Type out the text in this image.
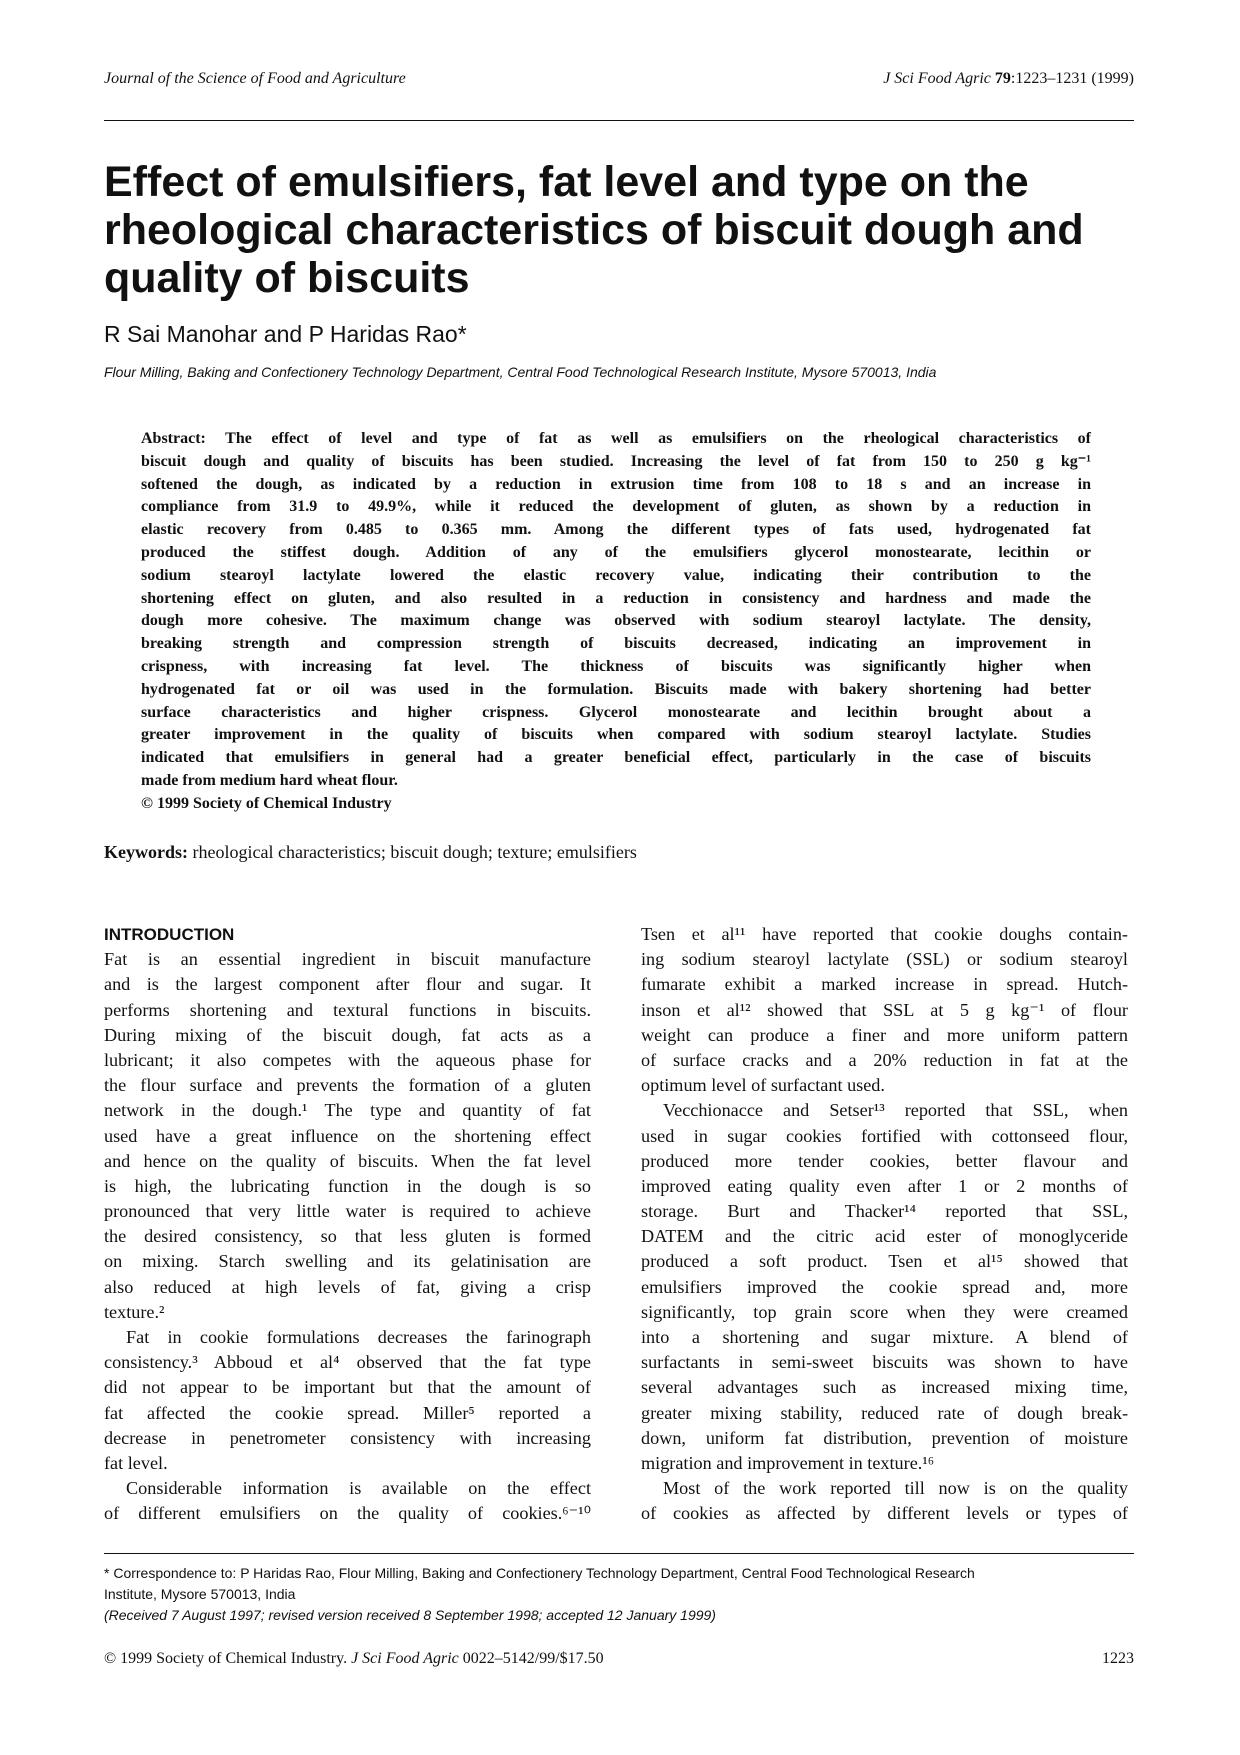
Journal of the Science of Food and Agriculture	J Sci Food Agric 79:1223–1231 (1999)
Effect of emulsifiers, fat level and type on the
rheological characteristics of biscuit dough and
quality of biscuits
R Sai Manohar and P Haridas Rao*
Flour Milling, Baking and Confectionery Technology Department, Central Food Technological Research Institute, Mysore 570013, India
Abstract: The effect of level and type of fat as well as emulsifiers on the rheological characteristics of
biscuit dough and quality of biscuits has been studied. Increasing the level of fat from 150 to 250 g kg⁻¹
softened the dough, as indicated by a reduction in extrusion time from 108 to 18 s and an increase in
compliance from 31.9 to 49.9%, while it reduced the development of gluten, as shown by a reduction in
elastic recovery from 0.485 to 0.365 mm. Among the different types of fats used, hydrogenated fat
produced the stiffest dough. Addition of any of the emulsifiers glycerol monostearate, lecithin or
sodium stearoyl lactylate lowered the elastic recovery value, indicating their contribution to the
shortening effect on gluten, and also resulted in a reduction in consistency and hardness and made the
dough more cohesive. The maximum change was observed with sodium stearoyl lactylate. The density,
breaking strength and compression strength of biscuits decreased, indicating an improvement in
crispness, with increasing fat level. The thickness of biscuits was significantly higher when
hydrogenated fat or oil was used in the formulation. Biscuits made with bakery shortening had better
surface characteristics and higher crispness. Glycerol monostearate and lecithin brought about a
greater improvement in the quality of biscuits when compared with sodium stearoyl lactylate. Studies
indicated that emulsifiers in general had a greater beneficial effect, particularly in the case of biscuits
made from medium hard wheat flour.
© 1999 Society of Chemical Industry
Keywords: rheological characteristics; biscuit dough; texture; emulsifiers
INTRODUCTION
Fat is an essential ingredient in biscuit manufacture
and is the largest component after flour and sugar. It
performs shortening and textural functions in biscuits.
During mixing of the biscuit dough, fat acts as a
lubricant; it also competes with the aqueous phase for
the flour surface and prevents the formation of a gluten
network in the dough.¹ The type and quantity of fat
used have a great influence on the shortening effect
and hence on the quality of biscuits. When the fat level
is high, the lubricating function in the dough is so
pronounced that very little water is required to achieve
the desired consistency, so that less gluten is formed
on mixing. Starch swelling and its gelatinisation are
also reduced at high levels of fat, giving a crisp
texture.²
Fat in cookie formulations decreases the farinograph
consistency.³ Abboud et al⁴ observed that the fat type
did not appear to be important but that the amount of
fat affected the cookie spread. Miller⁵ reported a
decrease in penetrometer consistency with increasing
fat level.
Considerable information is available on the effect
of different emulsifiers on the quality of cookies.⁶⁻¹⁰
Tsen et al¹¹ have reported that cookie doughs contain-
ing sodium stearoyl lactylate (SSL) or sodium stearoyl
fumarate exhibit a marked increase in spread. Hutch-
inson et al¹² showed that SSL at 5 g kg⁻¹ of flour
weight can produce a finer and more uniform pattern
of surface cracks and a 20% reduction in fat at the
optimum level of surfactant used.
Vecchionacce and Setser¹³ reported that SSL, when
used in sugar cookies fortified with cottonseed flour,
produced more tender cookies, better flavour and
improved eating quality even after 1 or 2 months of
storage. Burt and Thacker¹⁴ reported that SSL,
DATEM and the citric acid ester of monoglyceride
produced a soft product. Tsen et al¹⁵ showed that
emulsifiers improved the cookie spread and, more
significantly, top grain score when they were creamed
into a shortening and sugar mixture. A blend of
surfactants in semi-sweet biscuits was shown to have
several advantages such as increased mixing time,
greater mixing stability, reduced rate of dough break-
down, uniform fat distribution, prevention of moisture
migration and improvement in texture.¹⁶
Most of the work reported till now is on the quality
of cookies as affected by different levels or types of
* Correspondence to: P Haridas Rao, Flour Milling, Baking and Confectionery Technology Department, Central Food Technological Research
Institute, Mysore 570013, India
(Received 7 August 1997; revised version received 8 September 1998; accepted 12 January 1999)
© 1999 Society of Chemical Industry. J Sci Food Agric 0022–5142/99/$17.50	1223
